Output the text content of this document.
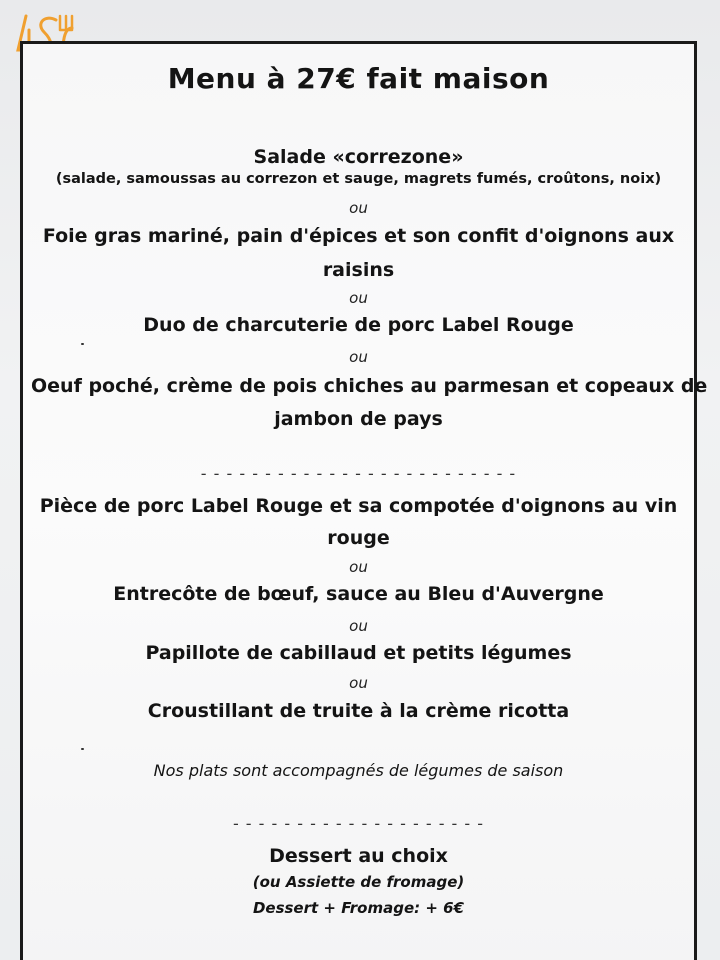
Menu à 27€ fait maison
Salade «correzone»
(salade, samoussas au correzon et sauge, magrets fumés, croûtons, noix)
ou
Foie gras mariné, pain d'épices et son confit d'oignons aux
raisins
ou
Duo de charcuterie de porc Label Rouge
ou
Oeuf poché, crème de pois chiches au parmesan et copeaux de
jambon de pays
- - - - - - - - - - - - - - - - - - - - - - - - -
Pièce de porc Label Rouge et sa compotée d'oignons au vin
rouge
ou
Entrecôte de bœuf, sauce au Bleu d'Auvergne
ou
Papillote de cabillaud et petits légumes
ou
Croustillant de truite à la crème ricotta
Nos plats sont accompagnés de légumes de saison
- - - - - - - - - - - - - - - - - - - -
Dessert au choix
(ou Assiette de fromage)
Dessert + Fromage: + 6€
